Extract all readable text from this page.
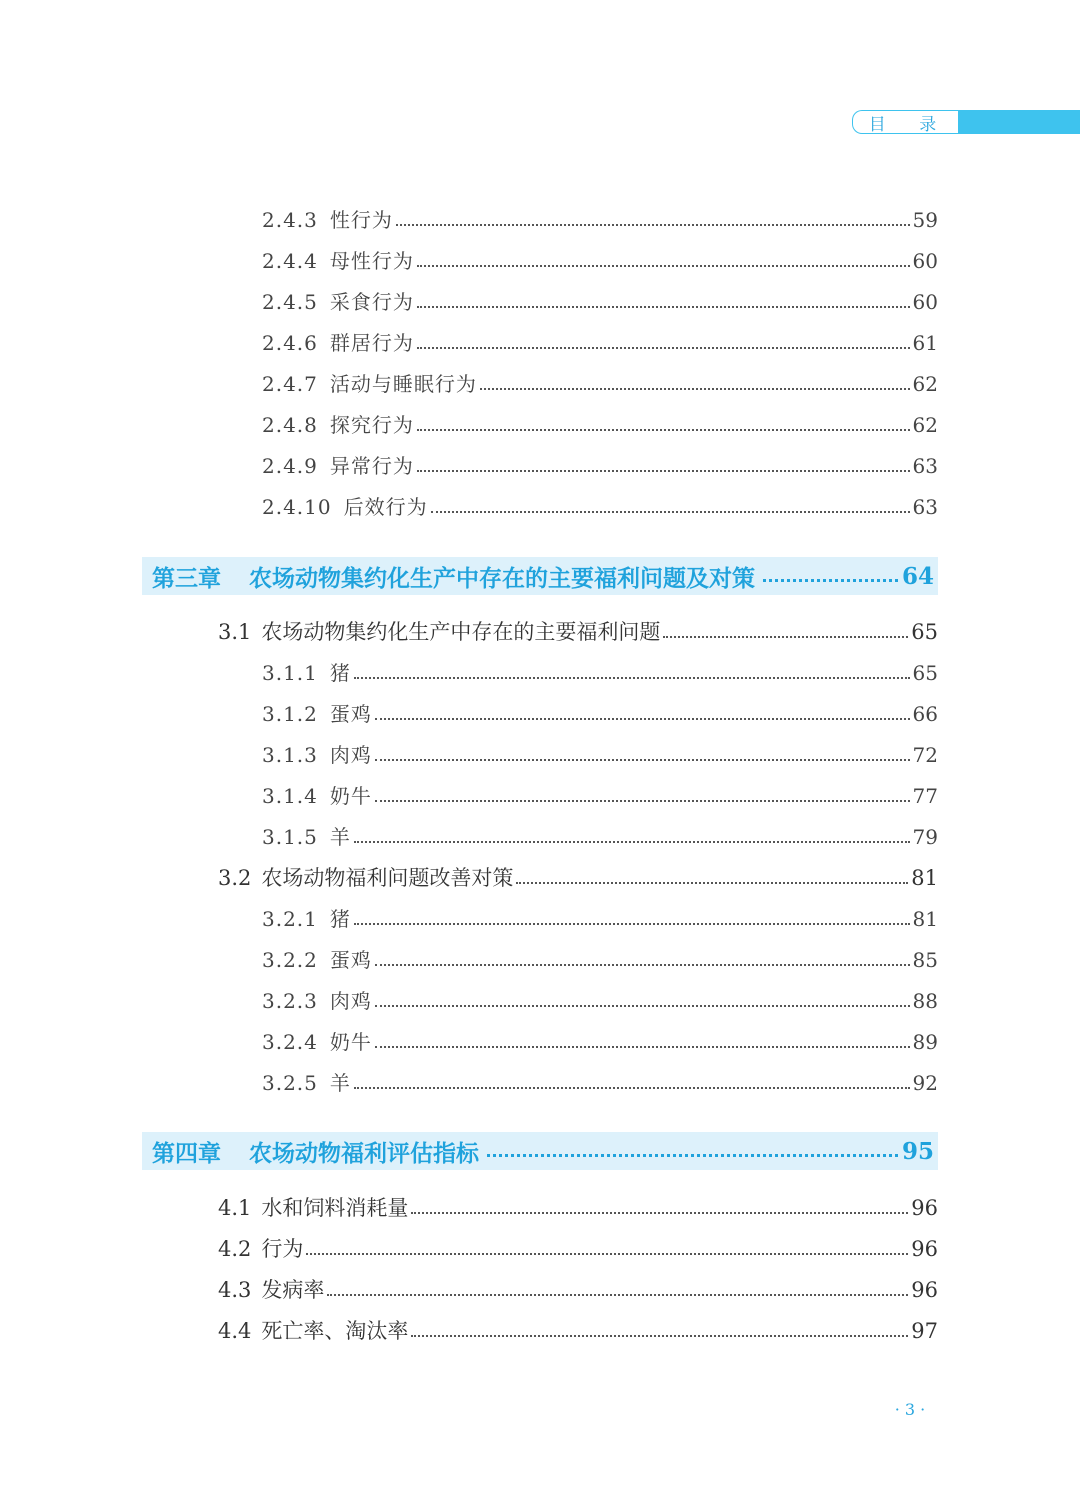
目 录
2.4.3 性行为	59
2.4.4 母性行为	60
2.4.5 采食行为	60
2.4.6 群居行为	61
2.4.7 活动与睡眠行为	62
2.4.8 探究行为	62
2.4.9 异常行为	63
2.4.10 后效行为	63
第三章	农场动物集约化生产中存在的主要福利问题及对策	64
3.1 农场动物集约化生产中存在的主要福利问题	65
3.1.1 猪	65
3.1.2 蛋鸡	66
3.1.3 肉鸡	72
3.1.4 奶牛	77
3.1.5 羊	79
3.2 农场动物福利问题改善对策	81
3.2.1 猪	81
3.2.2 蛋鸡	85
3.2.3 肉鸡	88
3.2.4 奶牛	89
3.2.5 羊	92
第四章	农场动物福利评估指标	95
4.1 水和饲料消耗量	96
4.2 行为	96
4.3 发病率	96
4.4 死亡率、淘汰率	97
· 3 ·
